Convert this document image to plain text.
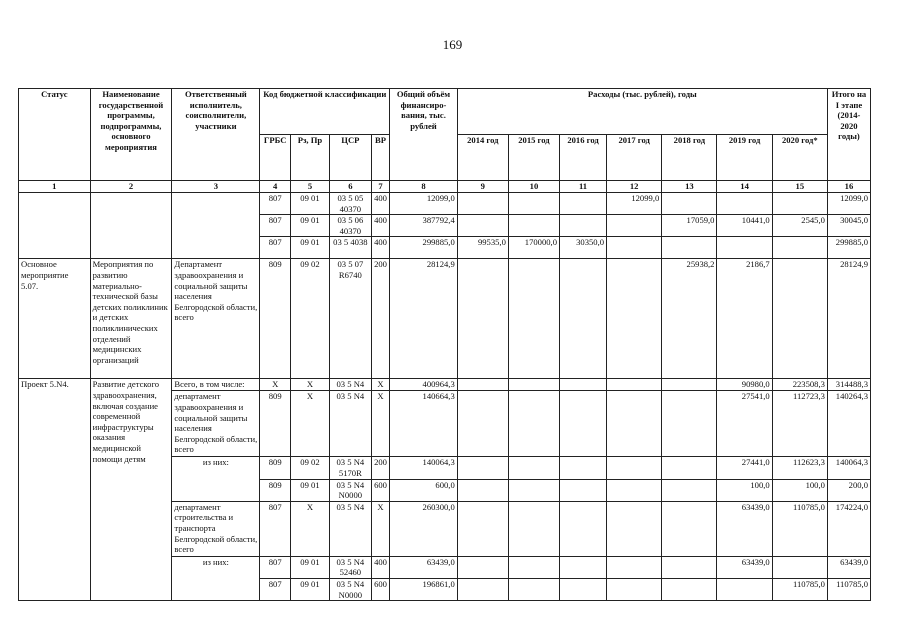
169
Статус	Наименование государственной программы, подпрограммы, основного мероприятия	Ответственный исполнитель, соисполнители, участники	Код бюджетной классификации				Общий объём финансиро-вания, тыс. рублей	Расходы (тыс. рублей), годы							Итого на I этапе (2014-2020 годы)
			ГРБС	Рз, Пр	ЦСР	ВР		2014 год	2015 год	2016 год	2017 год	2018 год	2019 год	2020 год*	
1	2	3	4	5	6	7	8	9	10	11	12	13	14	15	16
			807	09 01	03 5 05 40370	400	12099,0				12099,0				12099,0
			807	09 01	03 5 06 40370	400	387792,4					17059,0	10441,0	2545,0	30045,0
			807	09 01	03 5 4038	400	299885,0	99535,0	170000,0	30350,0					299885,0
Основное мероприятие 5.07.	Мероприятия по развитию материально-технической базы детских поликлиник и детских поликлинических отделений медицинских организаций	Департамент здравоохранения и социальной защиты населения Белгородской области, всего	809	09 02	03 5 07 R6740	200	28124,9					25938,2	2186,7		28124,9
Проект 5.N4.	Развитие детского здравоохранения, включая создание современной инфраструктуры оказания медицинской помощи детям	Всего, в том числе:	Х	Х	03 5 N4	Х	400964,3						90980,0	223508,3	314488,3
		департамент здравоохранения и социальной защиты населения Белгородской области, всего	809	Х	03 5 N4	Х	140664,3						27541,0	112723,3	140264,3
		из них:	809	09 02	03 5 N4 5170R	200	140064,3						27441,0	112623,3	140064,3
			809	09 01	03 5 N4 N0000	600	600,0						100,0	100,0	200,0
		департамент строительства и транспорта Белгородской области, всего	807	Х	03 5 N4	Х	260300,0						63439,0	110785,0	174224,0
		из них:	807	09 01	03 5 N4 52460	400	63439,0						63439,0		63439,0
			807	09 01	03 5 N4 N0000	600	196861,0							110785,0	110785,0
